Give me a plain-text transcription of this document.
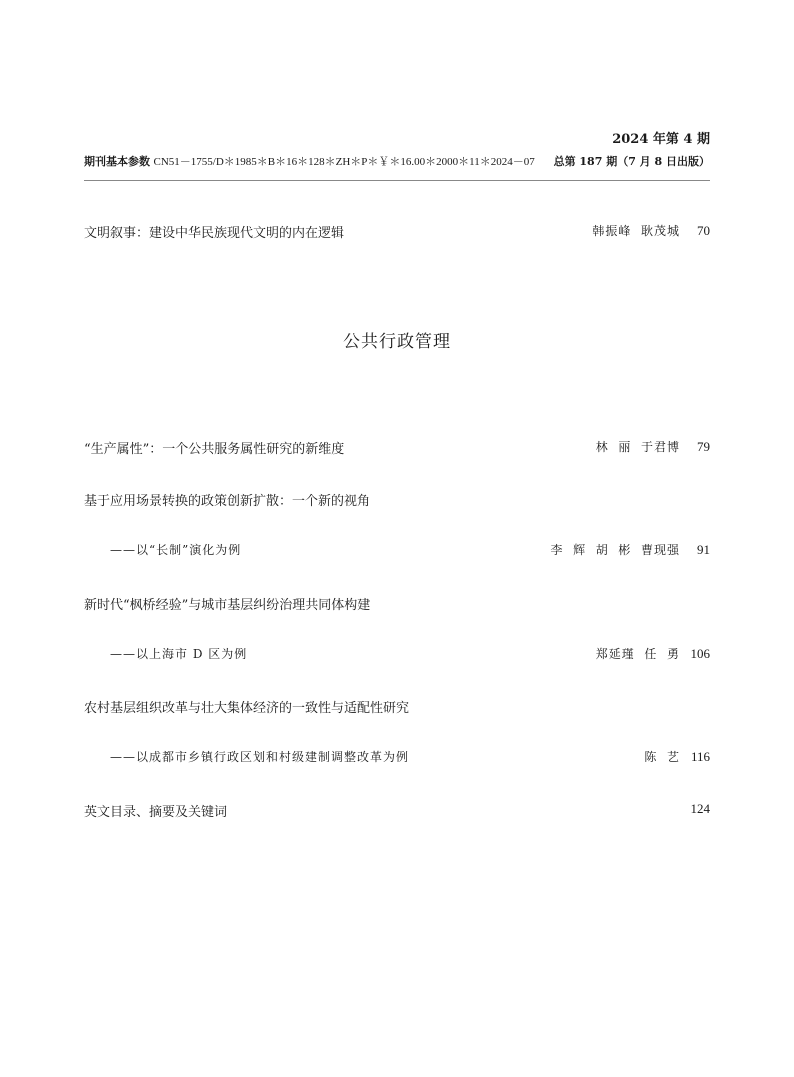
2024 年第 4 期
期刊基本参数 CN51－1755/D＊1985＊B＊16＊128＊ZH＊P＊￥＊16.00＊2000＊11＊2024－07 总第 187 期（7 月 8 日出版）
文明叙事：建设中华民族现代文明的内在逻辑	韩振峰  耿茂城 70
公共行政管理
“生产属性”：一个公共服务属性研究的新维度	林  丽  于君博 79
基于应用场景转换的政策创新扩散：一个新的视角
——以“长制”演化为例	李  辉  胡  彬  曹现强 91
新时代“枫桥经验”与城市基层纠纷治理共同体构建
——以上海市 D 区为例	郑延瑾  任  勇 106
农村基层组织改革与壮大集体经济的一致性与适配性研究
——以成都市乡镇行政区划和村级建制调整改革为例	陈  艺 116
英文目录、摘要及关键词	124
